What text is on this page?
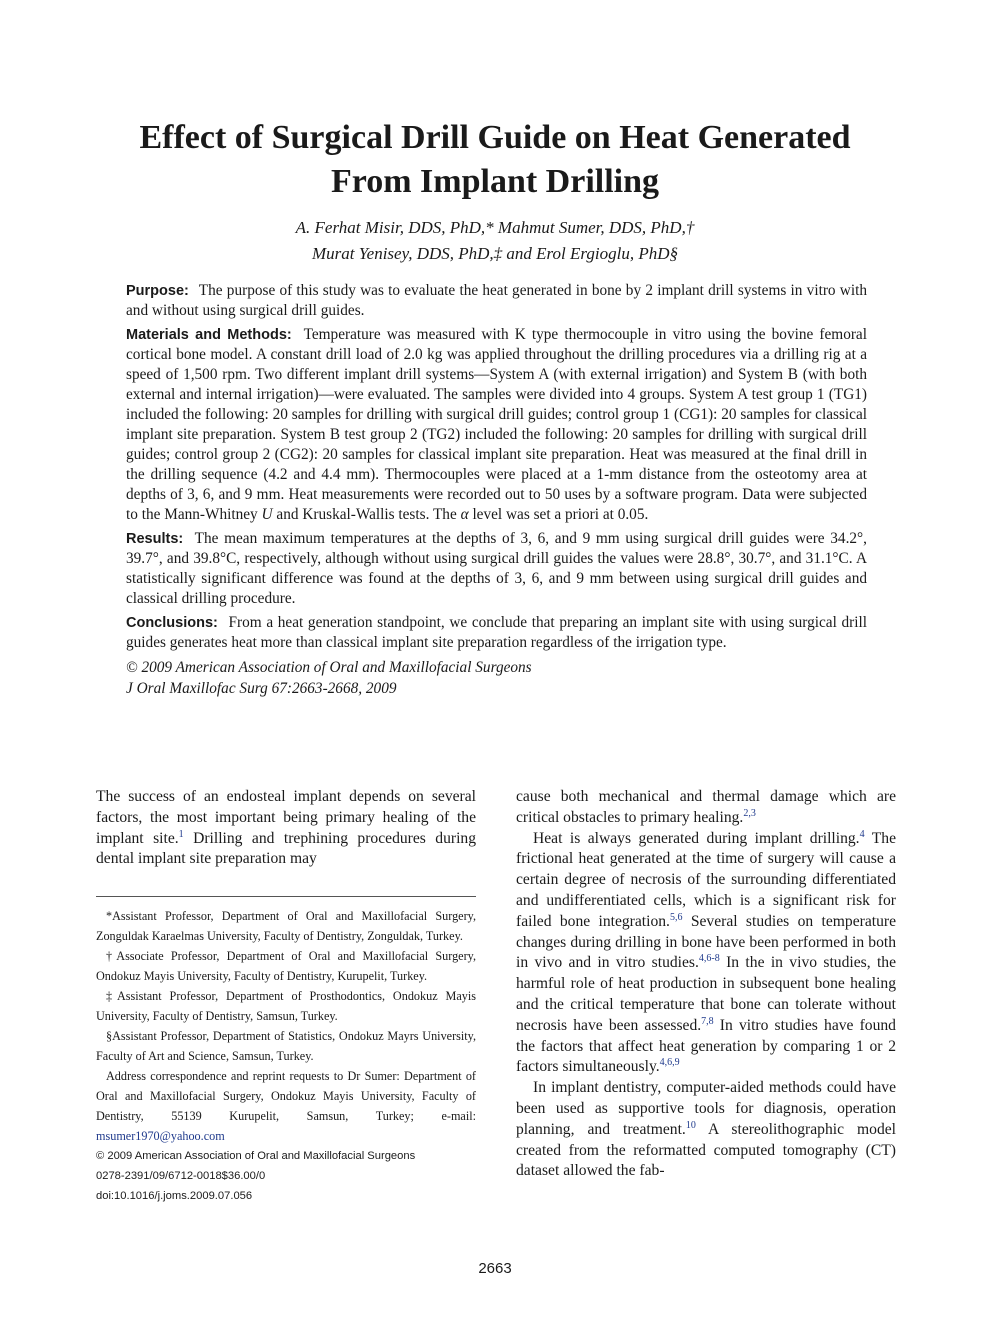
Effect of Surgical Drill Guide on Heat Generated From Implant Drilling
A. Ferhat Misir, DDS, PhD,* Mahmut Sumer, DDS, PhD,†
Murat Yenisey, DDS, PhD,‡ and Erol Ergioglu, PhD§

Purpose: The purpose of this study was to evaluate the heat generated in bone by 2 implant drill systems in vitro with and without using surgical drill guides.

Materials and Methods: Temperature was measured with K type thermocouple in vitro using the bovine femoral cortical bone model. A constant drill load of 2.0 kg was applied throughout the drilling procedures via a drilling rig at a speed of 1,500 rpm. Two different implant drill systems—System A (with external irrigation) and System B (with both external and internal irrigation)—were evaluated. The samples were divided into 4 groups. System A test group 1 (TG1) included the following: 20 samples for drilling with surgical drill guides; control group 1 (CG1): 20 samples for classical implant site preparation. System B test group 2 (TG2) included the following: 20 samples for drilling with surgical drill guides; control group 2 (CG2): 20 samples for classical implant site preparation. Heat was measured at the final drill in the drilling sequence (4.2 and 4.4 mm). Thermocouples were placed at a 1-mm distance from the osteotomy area at depths of 3, 6, and 9 mm. Heat measurements were recorded out to 50 uses by a software program. Data were subjected to the Mann-Whitney U and Kruskal-Wallis tests. The α level was set a priori at 0.05.

Results: The mean maximum temperatures at the depths of 3, 6, and 9 mm using surgical drill guides were 34.2°, 39.7°, and 39.8°C, respectively, although without using surgical drill guides the values were 28.8°, 30.7°, and 31.1°C. A statistically significant difference was found at the depths of 3, 6, and 9 mm between using surgical drill guides and classical drilling procedure.

Conclusions: From a heat generation standpoint, we conclude that preparing an implant site with using surgical drill guides generates heat more than classical implant site preparation regardless of the irrigation type.

© 2009 American Association of Oral and Maxillofacial Surgeons
J Oral Maxillofac Surg 67:2663-2668, 2009

The success of an endosteal implant depends on several factors, the most important being primary healing of the implant site.$^1$ Drilling and trephining procedures during dental implant site preparation may

*Assistant Professor, Department of Oral and Maxillofacial Surgery, Zonguldak Karaelmas University, Faculty of Dentistry, Zonguldak, Turkey.

†Associate Professor, Department of Oral and Maxillofacial Surgery, Ondokuz Mayis University, Faculty of Dentistry, Kurupelit, Turkey.

‡Assistant Professor, Department of Prosthodontics, Ondokuz Mayis University, Faculty of Dentistry, Samsun, Turkey.

§Assistant Professor, Department of Statistics, Ondokuz Mayrs University, Faculty of Art and Science, Samsun, Turkey.

Address correspondence and reprint requests to Dr Sumer: Department of Oral and Maxillofacial Surgery, Ondokuz Mayis University, Faculty of Dentistry, 55139 Kurupelit, Samsun, Turkey; e-mail: msumer1970@yahoo.com

© 2009 American Association of Oral and Maxillofacial Surgeons

0278-2391/09/6712-0018$36.00/0

doi:10.1016/j.joms.2009.07.056

cause both mechanical and thermal damage which are critical obstacles to primary healing.$^{2,3}$

Heat is always generated during implant drilling.$^4$ The frictional heat generated at the time of surgery will cause a certain degree of necrosis of the surrounding differentiated and undifferentiated cells, which is a significant risk for failed bone integration.$^{5,6}$ Several studies on temperature changes during drilling in bone have been performed in both in vivo and in vitro studies.$^{4,6-8}$ In the in vivo studies, the harmful role of heat production in subsequent bone healing and the critical temperature that bone can tolerate without necrosis have been assessed.$^{7,8}$ In vitro studies have found the factors that affect heat generation by comparing 1 or 2 factors simultaneously.$^{4,6,9}$

In implant dentistry, computer-aided methods could have been used as supportive tools for diagnosis, operation planning, and treatment.$^{10}$ A stereolithographic model created from the reformatted computed tomography (CT) dataset allowed the fab-

2663
